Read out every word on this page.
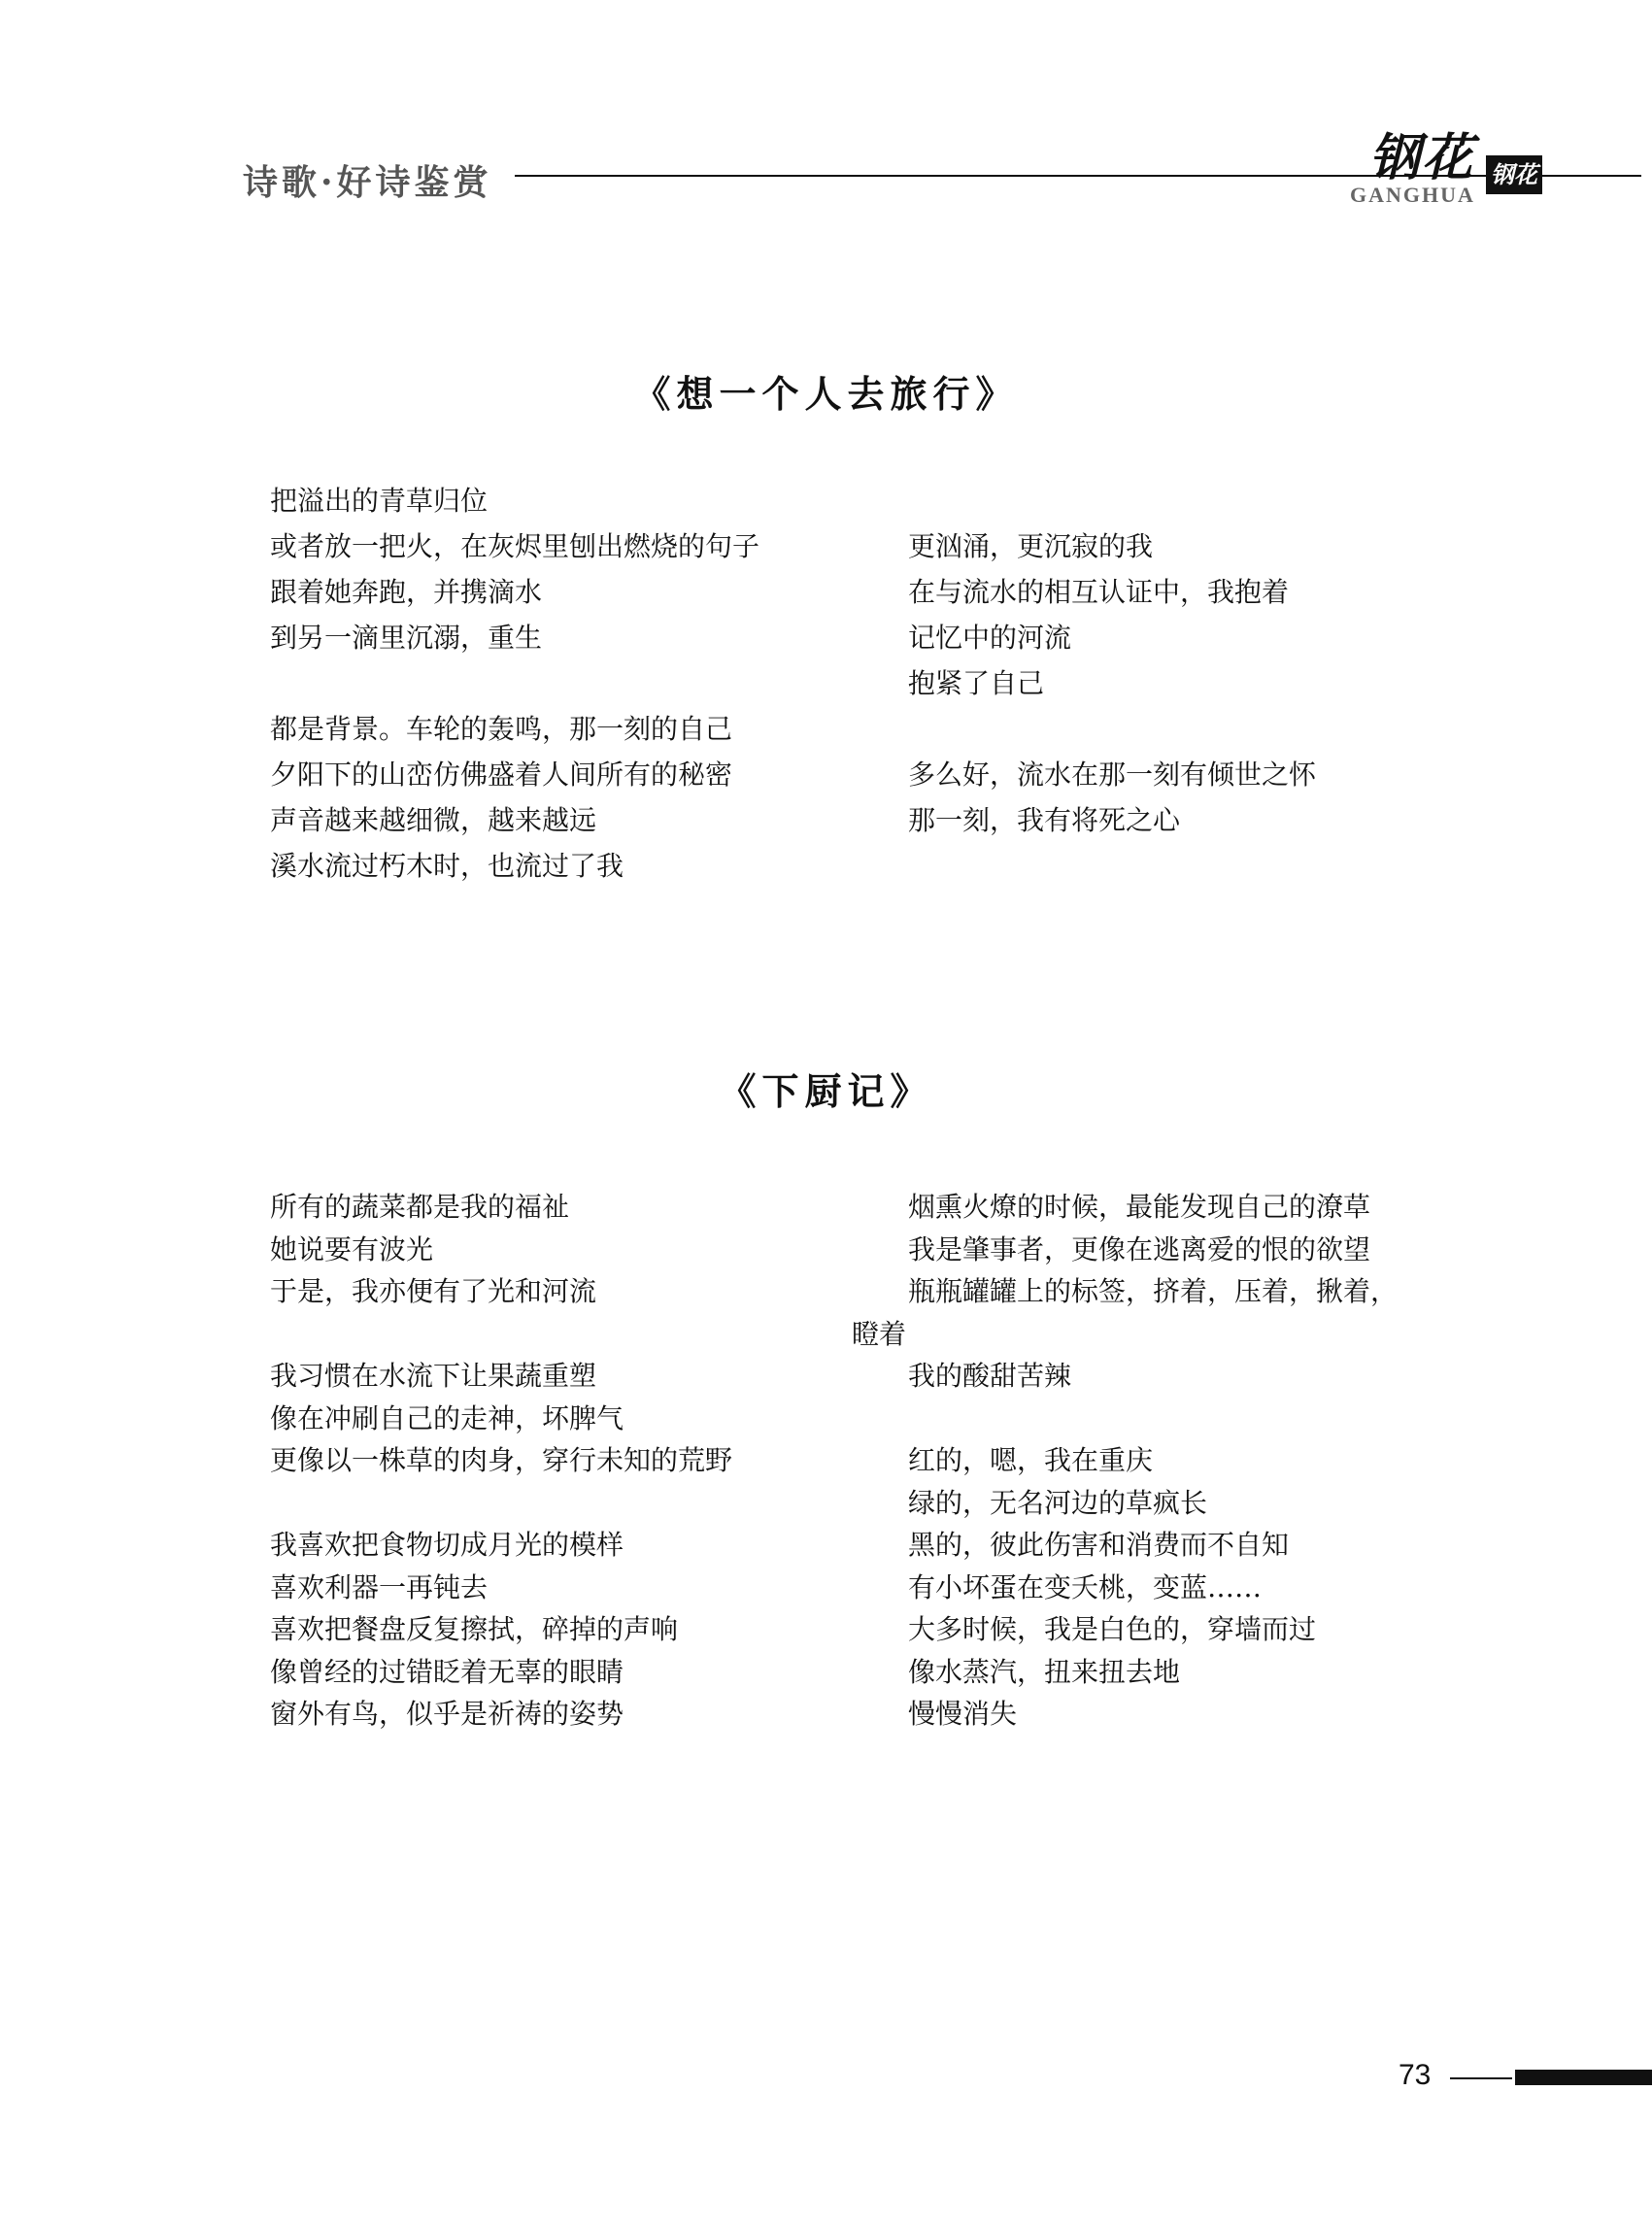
诗歌·好诗鉴赏	钢花
GANGHUA
钢花
《想一个人去旅行》
把溢出的青草归位
或者放一把火，在灰烬里刨出燃烧的句子
跟着她奔跑，并携滴水
到另一滴里沉溺，重生
都是背景。车轮的轰鸣，那一刻的自己
夕阳下的山峦仿佛盛着人间所有的秘密
声音越来越细微，越来越远
溪水流过朽木时，也流过了我
更汹涌，更沉寂的我
在与流水的相互认证中，我抱着
记忆中的河流
抱紧了自己
多么好，流水在那一刻有倾世之怀
那一刻，我有将死之心
《下厨记》
所有的蔬菜都是我的福祉
她说要有波光
于是，我亦便有了光和河流
我习惯在水流下让果蔬重塑
像在冲刷自己的走神，坏脾气
更像以一株草的肉身，穿行未知的荒野
我喜欢把食物切成月光的模样
喜欢利器一再钝去
喜欢把餐盘反复擦拭，碎掉的声响
像曾经的过错眨着无辜的眼睛
窗外有鸟，似乎是祈祷的姿势
烟熏火燎的时候，最能发现自己的潦草
我是肇事者，更像在逃离爱的恨的欲望
瓶瓶罐罐上的标签，挤着，压着，揪着，
瞪着
我的酸甜苦辣
红的，嗯，我在重庆
绿的，无名河边的草疯长
黑的，彼此伤害和消费而不自知
有小坏蛋在变夭桃，变蓝……
大多时候，我是白色的，穿墙而过
像水蒸汽，扭来扭去地
慢慢消失
73
